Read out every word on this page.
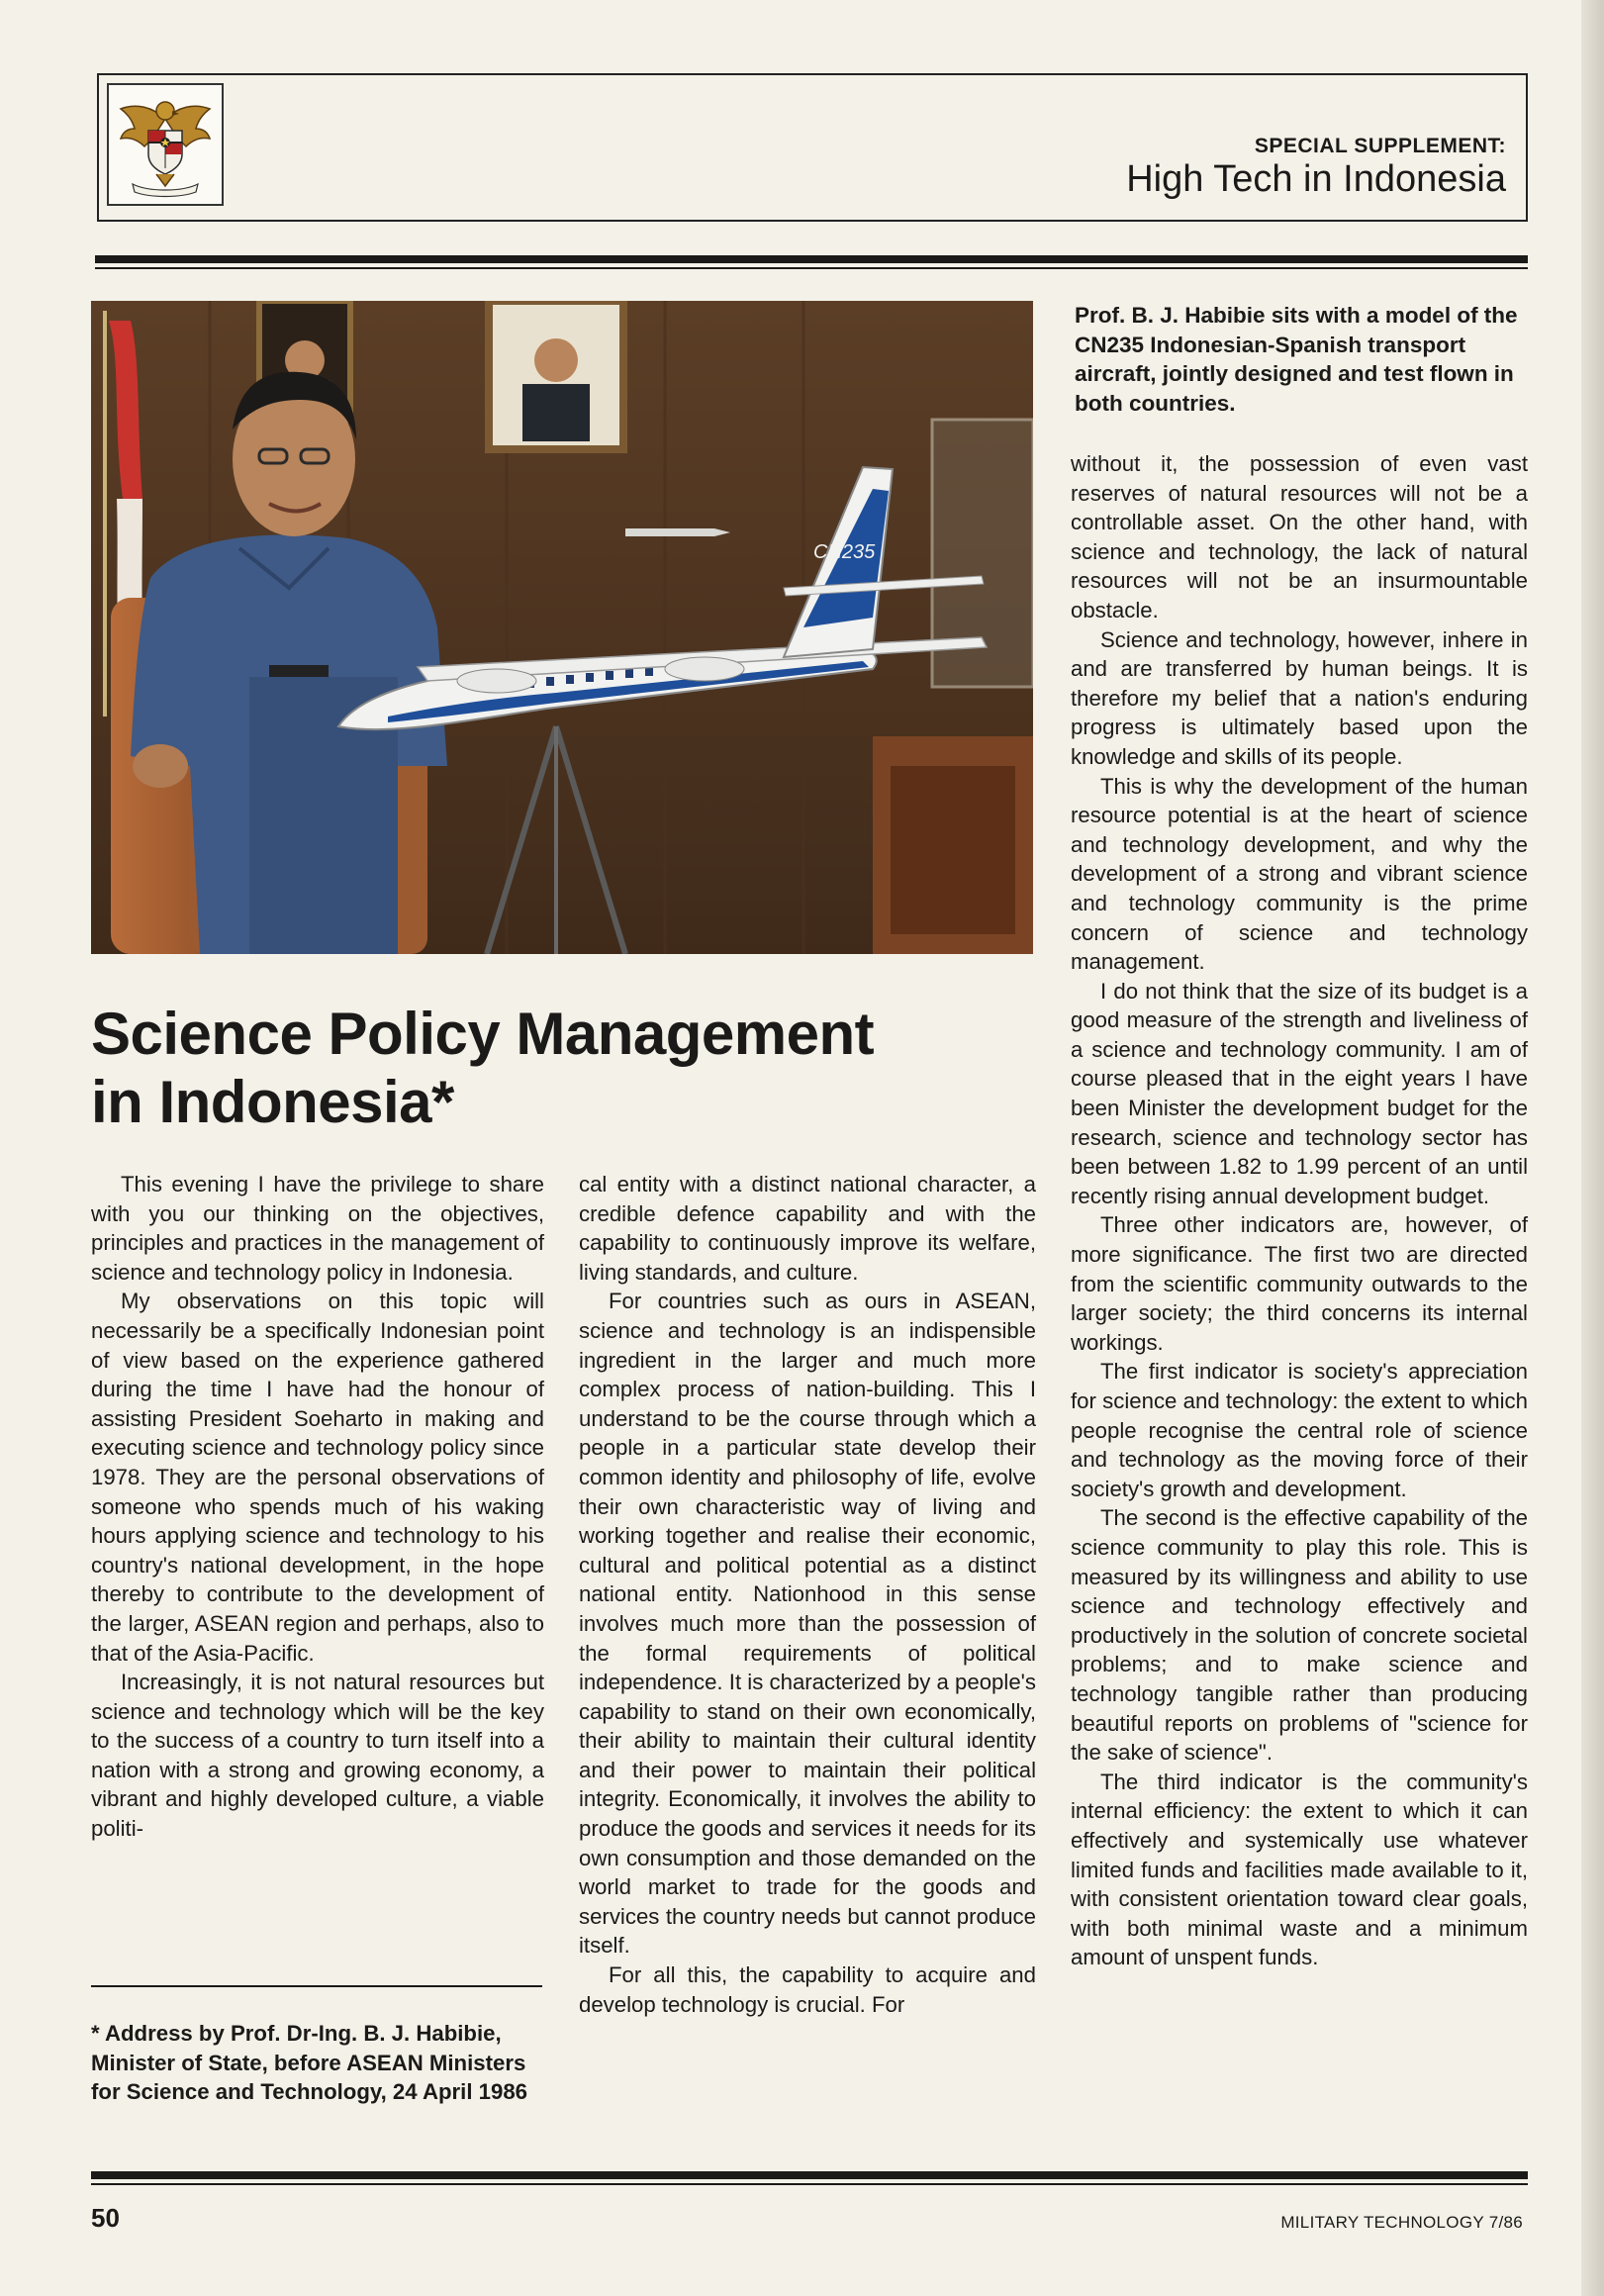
SPECIAL SUPPLEMENT:
High Tech in Indonesia
CN235
Prof. B. J. Habibie sits with a model of the CN235 Indonesian-Spanish transport aircraft, jointly designed and test flown in both countries.
Science Policy Management
in Indonesia*

This evening I have the privilege to share with you our thinking on the objectives, principles and practices in the management of science and technology policy in Indonesia.

My observations on this topic will necessarily be a specifically Indonesian point of view based on the experience gathered during the time I have had the honour of assisting President Soeharto in making and executing science and technology policy since 1978. They are the personal observations of someone who spends much of his waking hours applying science and technology to his country's national development, in the hope thereby to contribute to the development of the larger, ASEAN region and perhaps, also to that of the Asia-Pacific.

Increasingly, it is not natural resources but science and technology which will be the key to the success of a country to turn itself into a nation with a strong and growing economy, a vibrant and highly developed culture, a viable politi-

cal entity with a distinct national character, a credible defence capability and with the capability to continuously improve its welfare, living standards, and culture.

For countries such as ours in ASEAN, science and technology is an indispensible ingredient in the larger and much more complex process of nation-building. This I understand to be the course through which a people in a particular state develop their common identity and philosophy of life, evolve their own characteristic way of living and working together and realise their economic, cultural and political potential as a distinct national entity. Nationhood in this sense involves much more than the possession of the formal requirements of political independence. It is characterized by a people's capability to stand on their own economically, their ability to maintain their cultural identity and their power to maintain their political integrity. Economically, it involves the ability to produce the goods and services it needs for its own consumption and those demanded on the world market to trade for the goods and services the country needs but cannot produce itself.

For all this, the capability to acquire and develop technology is crucial. For

without it, the possession of even vast reserves of natural resources will not be a controllable asset. On the other hand, with science and technology, the lack of natural resources will not be an insurmountable obstacle.

Science and technology, however, inhere in and are transferred by human beings. It is therefore my belief that a nation's enduring progress is ultimately based upon the knowledge and skills of its people.

This is why the development of the human resource potential is at the heart of science and technology development, and why the development of a strong and vibrant science and technology community is the prime concern of science and technology management.

I do not think that the size of its budget is a good measure of the strength and liveliness of a science and technology community. I am of course pleased that in the eight years I have been Minister the development budget for the research, science and technology sector has been between 1.82 to 1.99 percent of an until recently rising annual development budget.

Three other indicators are, however, of more significance. The first two are directed from the scientific community outwards to the larger society; the third concerns its internal workings.

The first indicator is society's appreciation for science and technology: the extent to which people recognise the central role of science and technology as the moving force of their society's growth and development.

The second is the effective capability of the science community to play this role. This is measured by its willingness and ability to use science and technology effectively and productively in the solution of concrete societal problems; and to make science and technology tangible rather than producing beautiful reports on problems of "science for the sake of science".

The third indicator is the community's internal efficiency: the extent to which it can effectively and systemically use whatever limited funds and facilities made available to it, with consistent orientation toward clear goals, with both minimal waste and a minimum amount of unspent funds.

* Address by Prof. Dr-Ing. B. J. Habibie, Minister of State, before ASEAN Ministers for Science and Technology, 24 April 1986
50	MILITARY TECHNOLOGY 7/86
